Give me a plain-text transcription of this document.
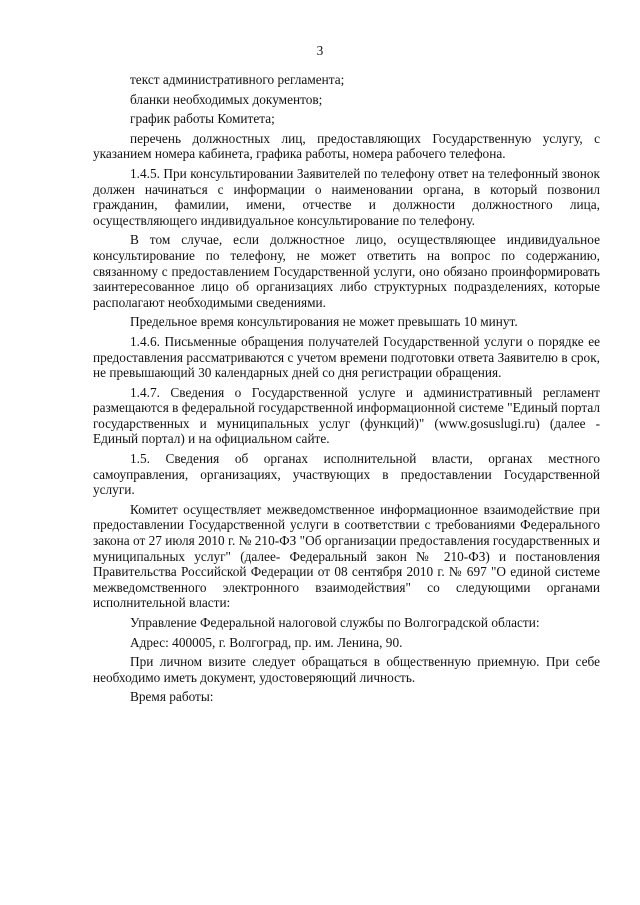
3

текст административного регламента;

бланки необходимых документов;

график работы Комитета;

перечень должностных лиц, предоставляющих Государственную услугу, с указанием номера кабинета, графика работы, номера рабочего телефона.

1.4.5. При консультировании Заявителей по телефону ответ на телефонный звонок должен начинаться с информации о наименовании органа, в который позвонил гражданин, фамилии, имени, отчестве и должности должностного лица, осуществляющего индивидуальное консультирование по телефону.

В том случае, если должностное лицо, осуществляющее индивидуальное консультирование по телефону, не может ответить на вопрос по содержанию, связанному с предоставлением Государственной услуги, оно обязано проинформировать заинтересованное лицо об организациях либо структурных подразделениях, которые располагают необходимыми сведениями.

Предельное время консультирования не может превышать 10 минут.

1.4.6. Письменные обращения получателей Государственной услуги о порядке ее предоставления рассматриваются с учетом времени подготовки ответа Заявителю в срок, не превышающий 30 календарных дней со дня регистрации обращения.

1.4.7. Сведения о Государственной услуге и административный регламент размещаются в федеральной государственной информационной системе "Единый портал государственных и муниципальных услуг (функций)" (www.gosuslugi.ru) (далее - Единый портал) и на официальном сайте.

1.5. Сведения об органах исполнительной власти, органах местного самоуправления, организациях, участвующих в предоставлении Государственной услуги.

Комитет осуществляет межведомственное информационное взаимодействие при предоставлении Государственной услуги в соответствии с требованиями Федерального закона от 27 июля 2010 г. № 210-ФЗ "Об организации предоставления государственных и муниципальных услуг" (далее- Федеральный закон № 210-ФЗ) и постановления Правительства Российской Федерации от 08 сентября 2010 г. № 697 "О единой системе межведомственного электронного взаимодействия" со следующими органами исполнительной власти:

Управление Федеральной налоговой службы по Волгоградской области:

Адрес: 400005, г. Волгоград, пр. им. Ленина, 90.

При личном визите следует обращаться в общественную приемную. При себе необходимо иметь документ, удостоверяющий личность.

Время работы:
